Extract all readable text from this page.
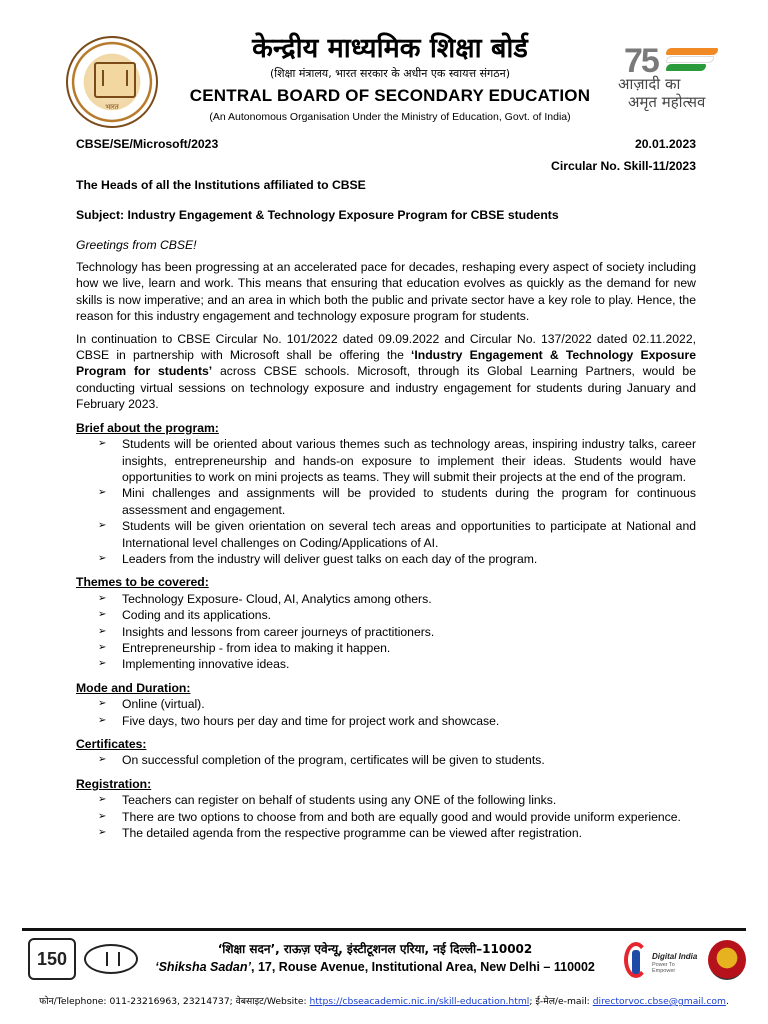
भारत
केन्द्रीय माध्यमिक शिक्षा बोर्ड
(शिक्षा मंत्रालय, भारत सरकार के अधीन एक स्वायत्त संगठन)
CENTRAL BOARD OF SECONDARY EDUCATION
(An Autonomous Organisation Under the Ministry of Education, Govt. of India)
75
आज़ादी का
अमृत महोत्सव
CBSE/SE/Microsoft/2023	20.01.2023
Circular No. Skill-11/2023
The Heads of all the Institutions affiliated to CBSE
Subject: Industry Engagement & Technology Exposure Program for CBSE students
Greetings from CBSE!
Technology has been progressing at an accelerated pace for decades, reshaping every aspect of society including how we live, learn and work. This means that ensuring that education evolves as quickly as the demand for new skills is now imperative; and an area in which both the public and private sector have a key role to play. Hence, the reason for this industry engagement and technology exposure program for students.
In continuation to CBSE Circular No. 101/2022 dated 09.09.2022 and Circular No. 137/2022 dated 02.11.2022, CBSE in partnership with Microsoft shall be offering the ‘Industry Engagement & Technology Exposure Program for students’ across CBSE schools. Microsoft, through its Global Learning Partners, would be conducting virtual sessions on technology exposure and industry engagement for students during January and February 2023.
Brief about the program:
➢	Students will be oriented about various themes such as technology areas, inspiring industry talks, career insights, entrepreneurship and hands-on exposure to implement their ideas. Students would have opportunities to work on mini projects as teams. They will submit their projects at the end of the program.
➢	Mini challenges and assignments will be provided to students during the program for continuous assessment and engagement.
➢	Students will be given orientation on several tech areas and opportunities to participate at National and International level challenges on Coding/Applications of AI.
➢	Leaders from the industry will deliver guest talks on each day of the program.
Themes to be covered:
➢	Technology Exposure- Cloud, AI, Analytics among others.
➢	Coding and its applications.
➢	Insights and lessons from career journeys of practitioners.
➢	Entrepreneurship - from idea to making it happen.
➢	Implementing innovative ideas.
Mode and Duration:
➢	Online (virtual).
➢	Five days, two hours per day and time for project work and showcase.
Certificates:
➢	On successful completion of the program, certificates will be given to students.
Registration:
➢	Teachers can register on behalf of students using any ONE of the following links.
➢	There are two options to choose from and both are equally good and would provide uniform experience.
➢	The detailed agenda from the respective programme can be viewed after registration.
150	‘शिक्षा सदन’, राऊज़ एवेन्यू, इंस्टीटूशनल एरिया, नई दिल्ली–110002
‘Shiksha Sadan’, 17, Rouse Avenue, Institutional Area, New Delhi – 110002
Digital India
Power To Empower
फोन/Telephone: 011-23216963, 23214737; वेबसाइट/Website: https://cbseacademic.nic.in/skill-education.html; ई-मेल/e-mail: directorvoc.cbse@gmail.com.
